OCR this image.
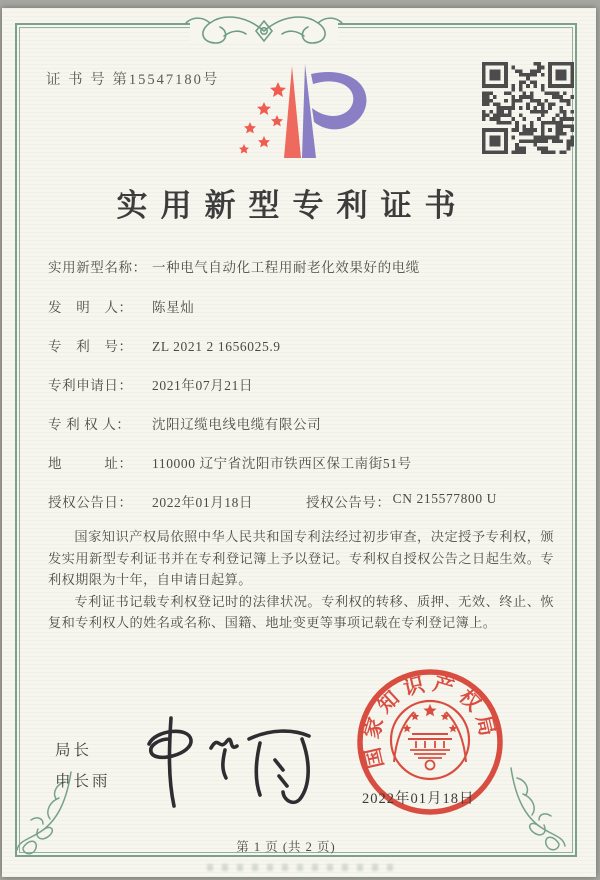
证 书 号 第15547180号
实用新型专利证书
实用新型名称： 一种电气自动化工程用耐老化效果好的电缆
发　明　人：	陈星灿
专　利　号：	ZL 2021 2 1656025.9
专利申请日：	2021年07月21日
专 利 权 人：	沈阳辽缆电线电缆有限公司
地　　　址：	110000 辽宁省沈阳市铁西区保工南街51号
授权公告日：	2022年01月18日	授权公告号： CN 215577800 U

国家知识产权局依照中华人民共和国专利法经过初步审查，决定授予专利权，颁发实用新型专利证书并在专利登记簿上予以登记。专利权自授权公告之日起生效。专利权期限为十年，自申请日起算。

专利证书记载专利权登记时的法律状况。专利权的转移、质押、无效、终止、恢复和专利权人的姓名或名称、国籍、地址变更等事项记载在专利登记簿上。

局长
申长雨
国家知识产权局
2022年01月18日
第 1 页 (共 2 页)
